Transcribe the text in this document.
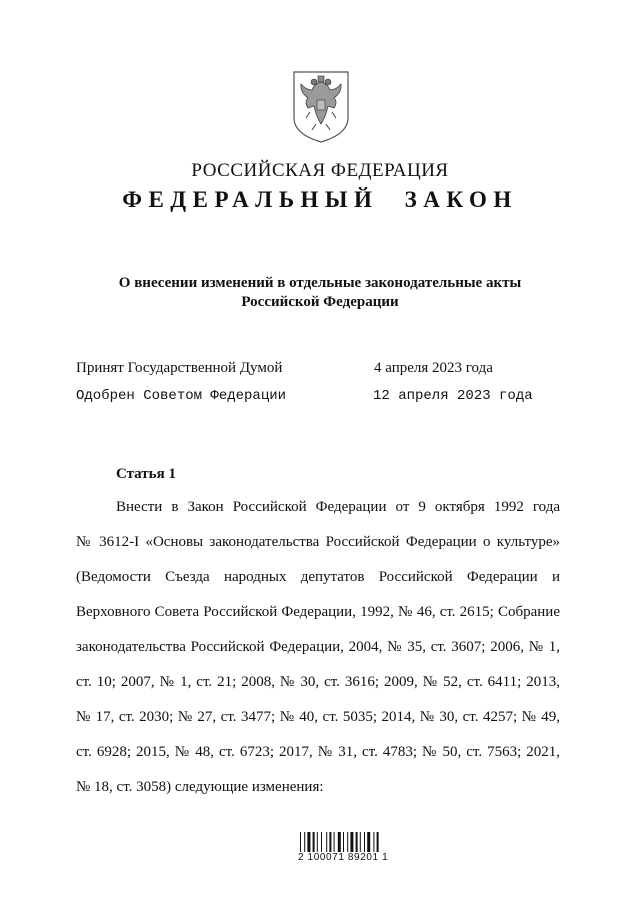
РОССИЙСКАЯ ФЕДЕРАЦИЯ
ФЕДЕРАЛЬНЫЙ ЗАКОН
О внесении изменений в отдельные законодательные акты
Российской Федерации
Принят Государственной Думой	4 апреля 2023 года
Одобрен Советом Федерации	12 апреля 2023 года
Статья 1
Внести в Закон Российской Федерации от 9 октября 1992 года
№ 3612-I «Основы законодательства Российской Федерации о культуре»
(Ведомости Съезда народных депутатов Российской Федерации и
Верховного Совета Российской Федерации, 1992, № 46, ст. 2615; Собрание
законодательства Российской Федерации, 2004, № 35, ст. 3607; 2006, № 1,
ст. 10; 2007, № 1, ст. 21; 2008, № 30, ст. 3616; 2009, № 52, ст. 6411; 2013,
№ 17, ст. 2030; № 27, ст. 3477; № 40, ст. 5035; 2014, № 30, ст. 4257; № 49,
ст. 6928; 2015, № 48, ст. 6723; 2017, № 31, ст. 4783; № 50, ст. 7563; 2021,
№ 18, ст. 3058) следующие изменения:
2 100071 89201 1
